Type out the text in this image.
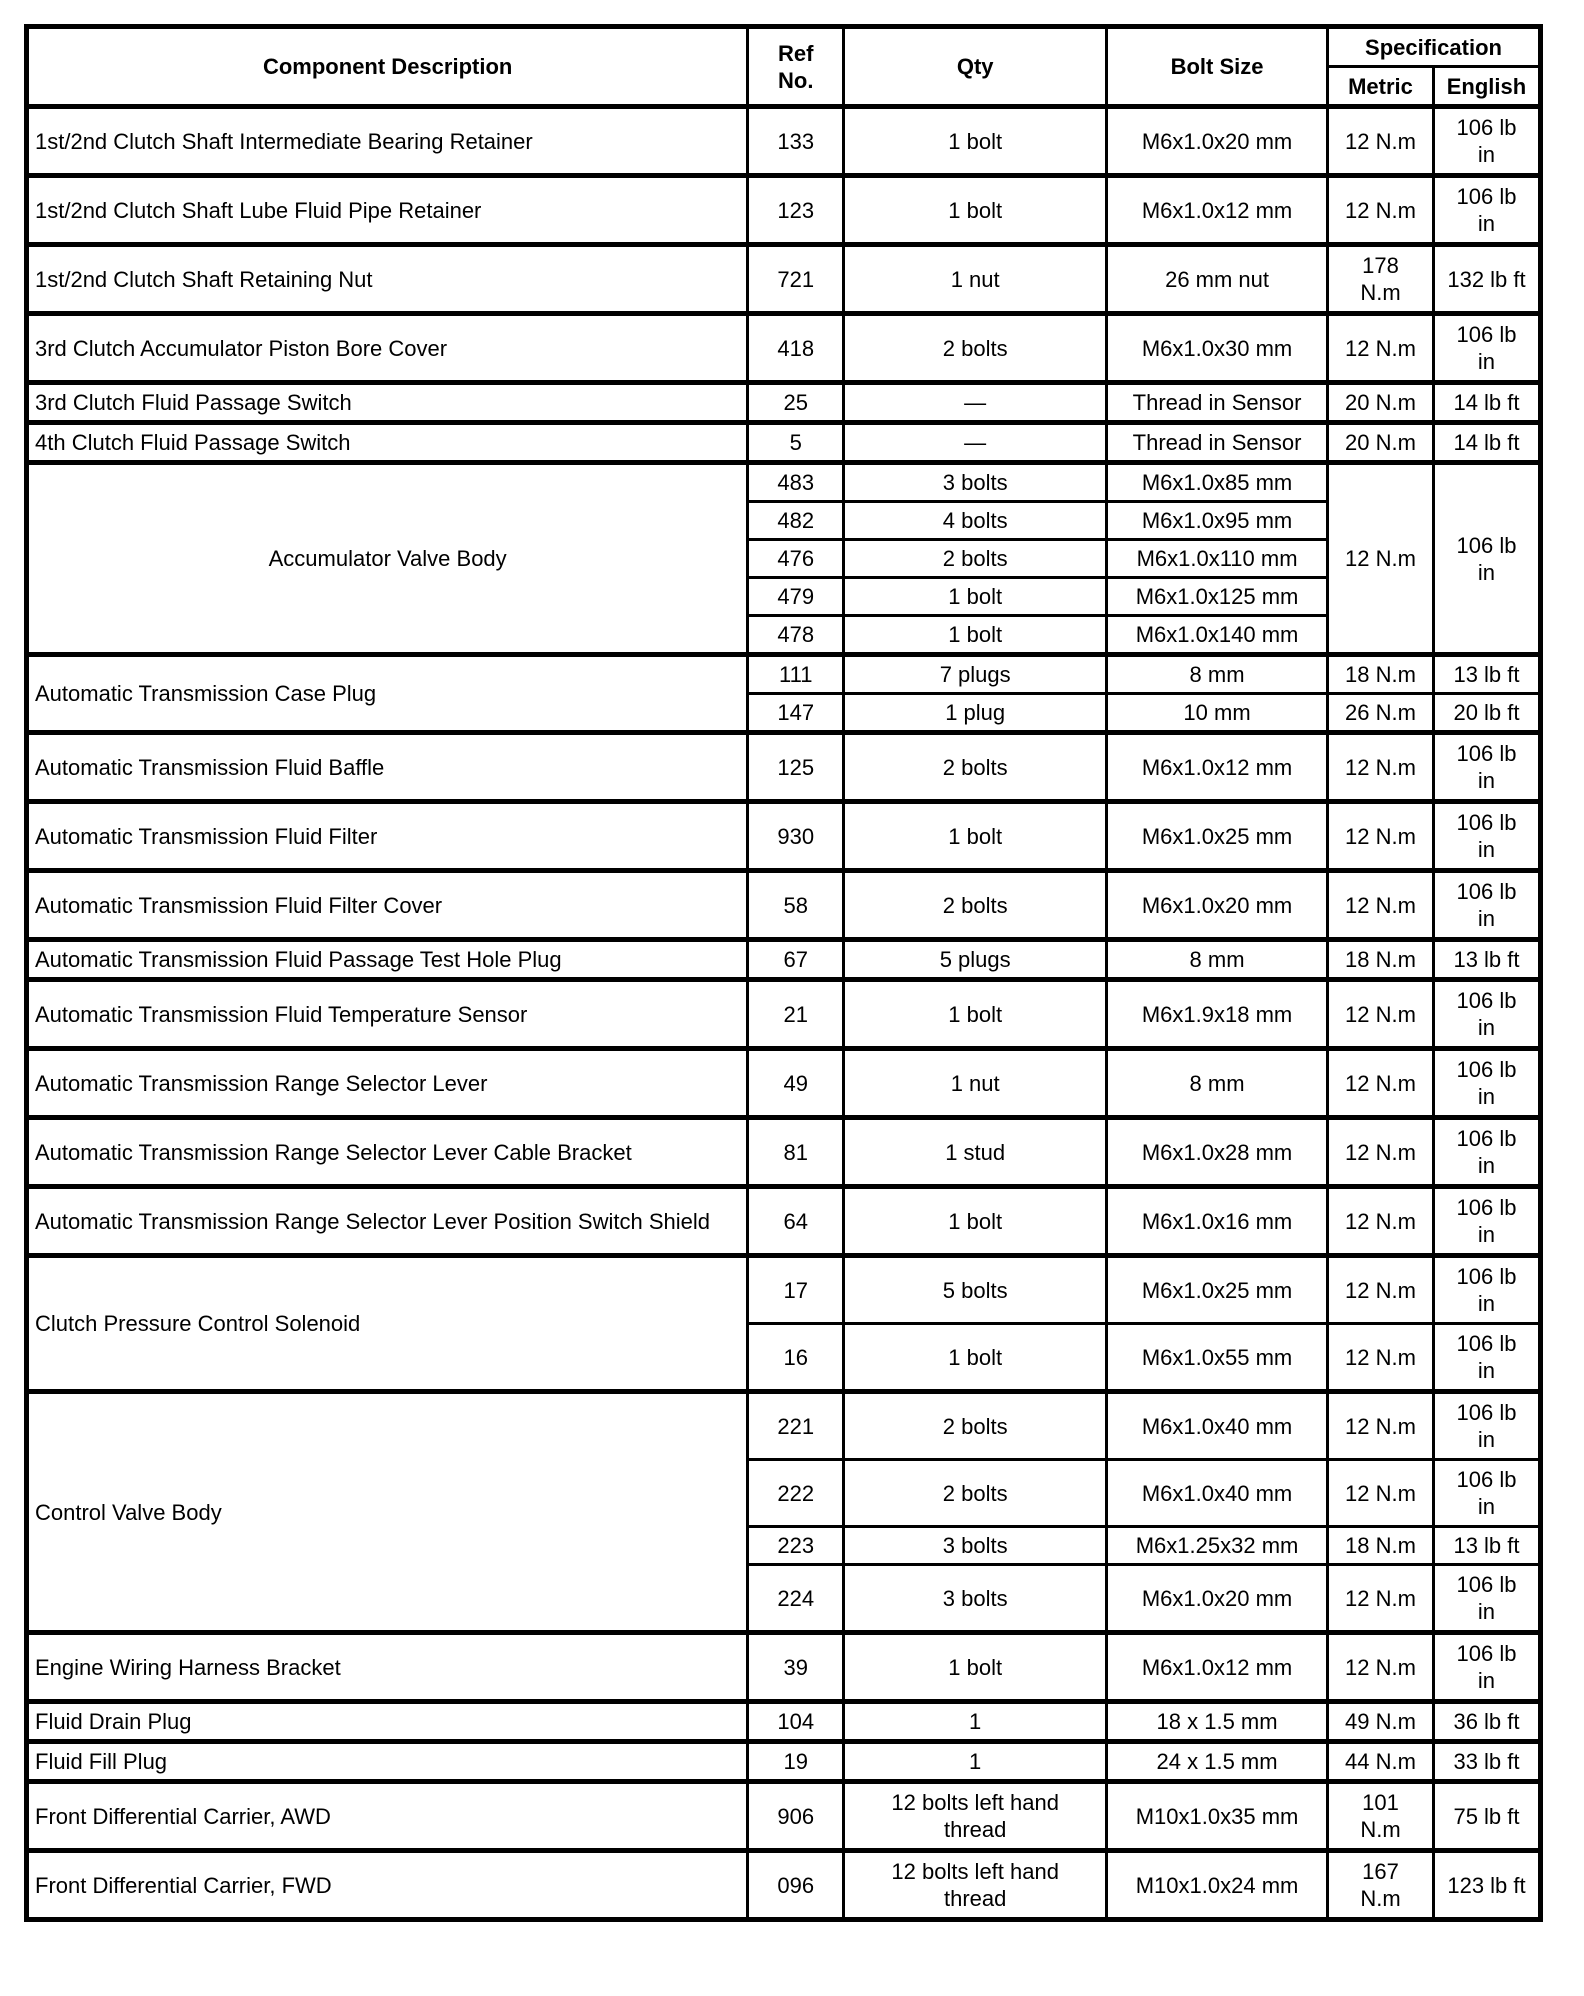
Component Description	Ref No.	Qty	Bolt Size	Specification	
				Metric	English
1st/2nd Clutch Shaft Intermediate Bearing Retainer	133	1 bolt	M6x1.0x20 mm	12 N.m	106 lb in
1st/2nd Clutch Shaft Lube Fluid Pipe Retainer	123	1 bolt	M6x1.0x12 mm	12 N.m	106 lb in
1st/2nd Clutch Shaft Retaining Nut	721	1 nut	26 mm nut	178 N.m	132 lb ft
3rd Clutch Accumulator Piston Bore Cover	418	2 bolts	M6x1.0x30 mm	12 N.m	106 lb in
3rd Clutch Fluid Passage Switch	25	—	Thread in Sensor	20 N.m	14 lb ft
4th Clutch Fluid Passage Switch	5	—	Thread in Sensor	20 N.m	14 lb ft
Accumulator Valve Body	483	3 bolts	M6x1.0x85 mm	12 N.m	106 lb in
	482	4 bolts	M6x1.0x95 mm		
	476	2 bolts	M6x1.0x110 mm		
	479	1 bolt	M6x1.0x125 mm		
	478	1 bolt	M6x1.0x140 mm		
Automatic Transmission Case Plug	111	7 plugs	8 mm	18 N.m	13 lb ft
	147	1 plug	10 mm	26 N.m	20 lb ft
Automatic Transmission Fluid Baffle	125	2 bolts	M6x1.0x12 mm	12 N.m	106 lb in
Automatic Transmission Fluid Filter	930	1 bolt	M6x1.0x25 mm	12 N.m	106 lb in
Automatic Transmission Fluid Filter Cover	58	2 bolts	M6x1.0x20 mm	12 N.m	106 lb in
Automatic Transmission Fluid Passage Test Hole Plug	67	5 plugs	8 mm	18 N.m	13 lb ft
Automatic Transmission Fluid Temperature Sensor	21	1 bolt	M6x1.9x18 mm	12 N.m	106 lb in
Automatic Transmission Range Selector Lever	49	1 nut	8 mm	12 N.m	106 lb in
Automatic Transmission Range Selector Lever Cable Bracket	81	1 stud	M6x1.0x28 mm	12 N.m	106 lb in
Automatic Transmission Range Selector Lever Position Switch Shield	64	1 bolt	M6x1.0x16 mm	12 N.m	106 lb in
Clutch Pressure Control Solenoid	17	5 bolts	M6x1.0x25 mm	12 N.m	106 lb in
	16	1 bolt	M6x1.0x55 mm	12 N.m	106 lb in
Control Valve Body	221	2 bolts	M6x1.0x40 mm	12 N.m	106 lb in
	222	2 bolts	M6x1.0x40 mm	12 N.m	106 lb in
	223	3 bolts	M6x1.25x32 mm	18 N.m	13 lb ft
	224	3 bolts	M6x1.0x20 mm	12 N.m	106 lb in
Engine Wiring Harness Bracket	39	1 bolt	M6x1.0x12 mm	12 N.m	106 lb in
Fluid Drain Plug	104	1	18 x 1.5 mm	49 N.m	36 lb ft
Fluid Fill Plug	19	1	24 x 1.5 mm	44 N.m	33 lb ft
Front Differential Carrier, AWD	906	12 bolts left hand thread	M10x1.0x35 mm	101 N.m	75 lb ft
Front Differential Carrier, FWD	096	12 bolts left hand thread	M10x1.0x24 mm	167 N.m	123 lb ft
